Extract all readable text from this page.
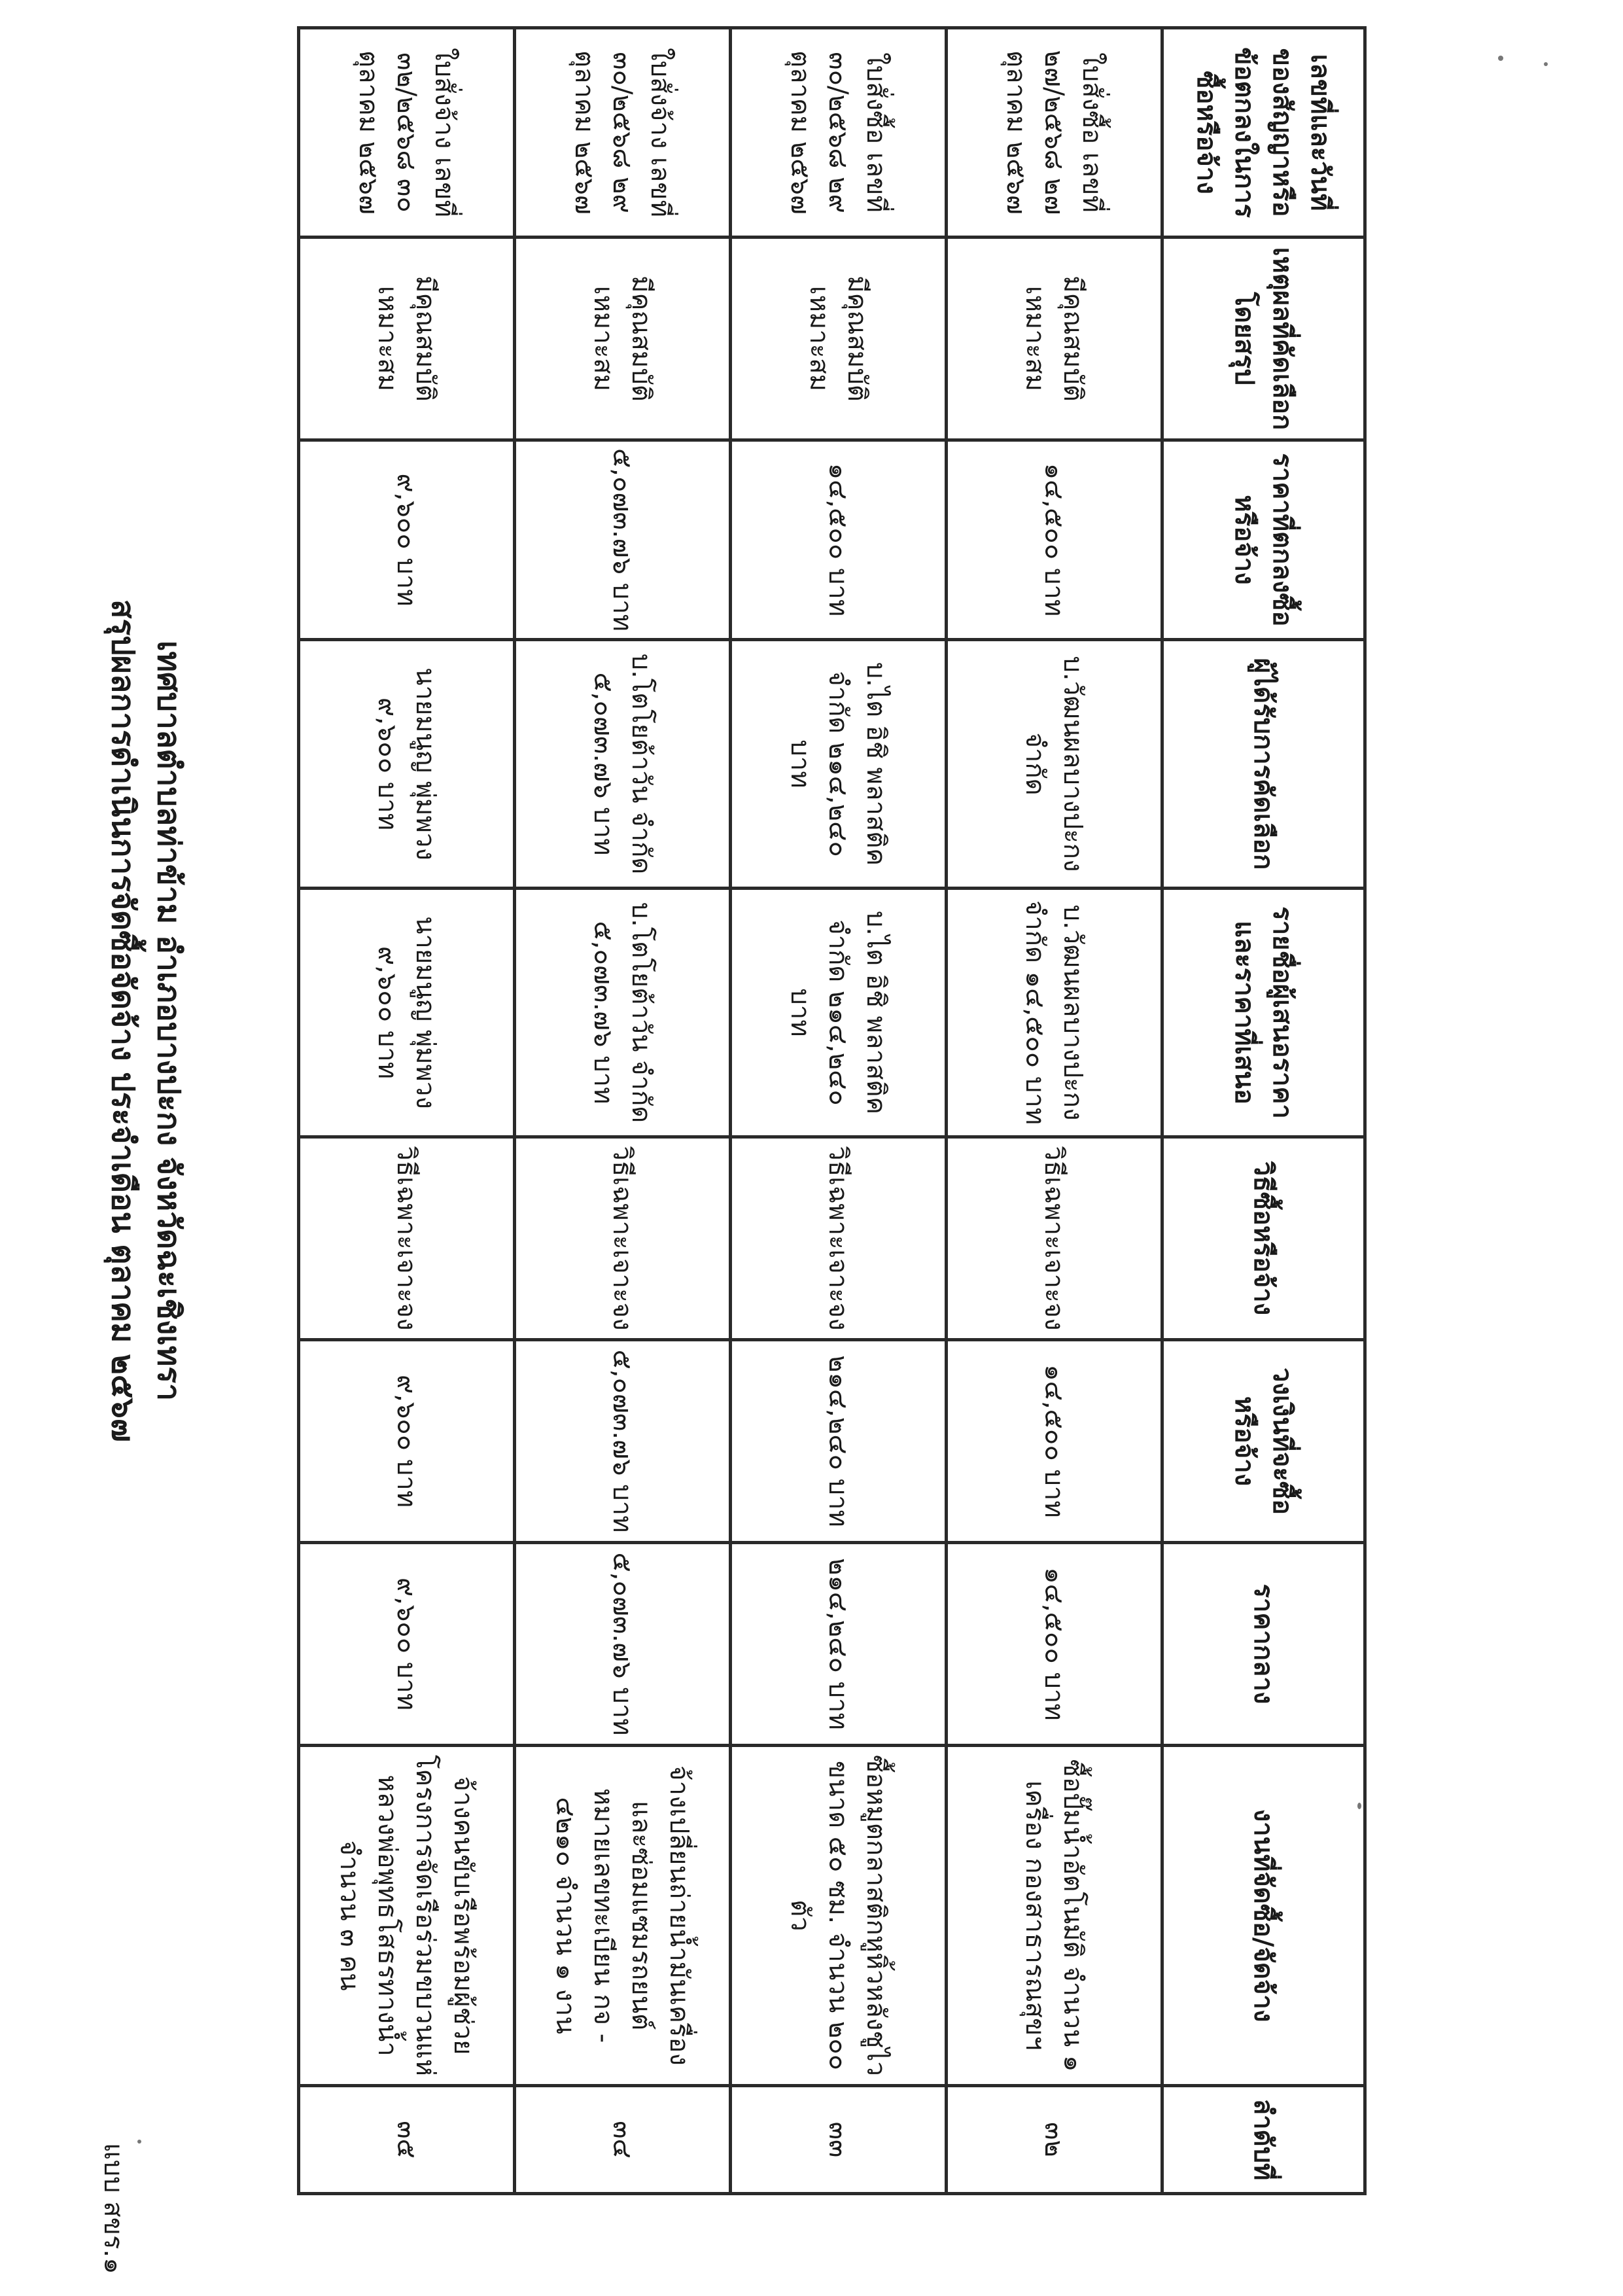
แบบ สขร.๑
สรุปผลการดำเนินการจัดซื้อจัดจ้าง ประจำเดือน ตุลาคม ๒๕๖๗ เทศบาลตำบลท่าข้าม อำเภอบางปะกง จังหวัดฉะเชิงเทรา
เลขที่และวันที่ของสัญญาหรือข้อตกลงในการซื้อหรือจ้าง	เหตุผลที่คัดเลือกโดยสรุป	ราคาที่ตกลงซื้อหรือจ้าง	ผู้ได้รับการคัดเลือก	รายชื่อผู้เสนอราคาและราคาที่เสนอ	วิธีซื้อหรือจ้าง	วงเงินที่จะซื้อหรือจ้าง	ราคากลาง	งานที่จัดซื้อ/จัดจ้าง	ลำดับที่
ใบสั่งซื้อ เลขที่ ๒๗/๒๕๖๘ ๒๗ ตุลาคม ๒๕๖๗	มีคุณสมบัติเหมาะสม	๑๔,๕๐๐ บาท	บ.วัฒนผลบางปะกง จำกัด	บ.วัฒนผลบางปะกง จำกัด ๑๔,๕๐๐ บาท	วิธีเฉพาะเจาะจง	๑๔,๕๐๐ บาท	๑๔,๕๐๐ บาท	ซื้อปั๊มน้ำอัตโนมัติ จำนวน ๑ เครื่อง กองสาธารณสุขฯ	๓๒
ใบสั่งซื้อ เลขที่ ๓๐/๒๕๖๘ ๒๙ ตุลาคม ๒๕๖๗	มีคุณสมบัติเหมาะสม	๑๔,๕๐๐ บาท	บ.ไต อิชิ พลาสติค จำกัด ๒๑๔,๒๔๐ บาท	บ.ไต อิชิ พลาสติค จำกัด ๒๑๔,๒๔๐ บาท	วิธีเฉพาะเจาะจง	๒๑๔,๒๔๐ บาท	๒๑๔,๒๔๐ บาท	ซื้อหมูตกลาสติกหูหิ้วหลังชูไว ขนาด ๕๐ ซม. จำนวน ๒๐๐ ตัว	๓๓
ใบสั่งจ้าง เลขที่ ๓๐/๒๕๖๘ ๒๙ ตุลาคม ๒๕๖๗	มีคุณสมบัติเหมาะสม	๕,๐๗๓.๗๖ บาท	บ.โตโยต้าวัน จำกัด ๕,๐๗๓.๗๖ บาท	บ.โตโยต้าวัน จำกัด ๕,๐๗๓.๗๖ บาท	วิธีเฉพาะเจาะจง	๕,๐๗๓.๗๖ บาท	๕,๐๗๓.๗๖ บาท	จ้างเปลี่ยนถ่ายน้ำมันเครื่องและซ่อมแซมรถยนต์ หมายเลขทะเบียน กจ - ๔๒๑๐ จำนวน ๑ งาน	๓๔
ใบสั่งจ้าง เลขที่ ๓๒/๒๕๖๘ ๓๐ ตุลาคม ๒๕๖๗	มีคุณสมบัติเหมาะสม	๙,๖๐๐ บาท	นายมนูญ พุ่มพวง ๙,๖๐๐ บาท	นายมนูญ พุ่มพวง ๙,๖๐๐ บาท	วิธีเฉพาะเจาะจง	๙,๖๐๐ บาท	๙,๖๐๐ บาท	จ้างคนขับเรือพร้อมผู้ช่วยโครงการจัดเรือร่วมขบวนแห่หลวงพ่อพุทธโสธรทางน้ำ จำนวน ๓ คน	๓๕
